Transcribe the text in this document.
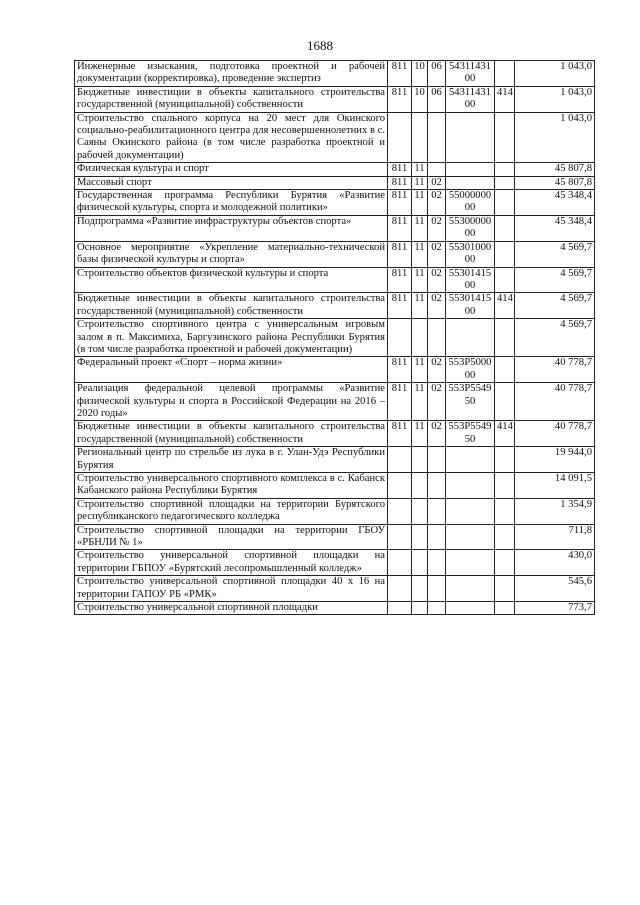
1688
Инженерные изыскания, подготовка проектной и рабочей документации (корректировка), проведение экспертиз	811	10	06	5431143100		1 043,0
Бюджетные инвестиции в объекты капитального строительства государственной (муниципальной) собственности	811	10	06	5431143100	414	1 043,0
Строительство спального корпуса на 20 мест для Окинского социально-реабилитационного центра для несовершеннолетних в с. Саяны Окинского района (в том числе разработка проектной и рабочей документации)						1 043,0
Физическая культура и спорт	811	11				45 807,8
Массовый спорт	811	11	02			45 807,8
Государственная программа Республики Бурятия «Развитие физической культуры, спорта и молодежной политики»	811	11	02	5500000000		45 348,4
Подпрограмма «Развитие инфраструктуры объектов спорта»	811	11	02	5530000000		45 348,4
Основное мероприятие «Укрепление материально-технической базы физической культуры и спорта»	811	11	02	5530100000		4 569,7
Строительство объектов физической культуры и спорта	811	11	02	5530141500		4 569,7
Бюджетные инвестиции в объекты капитального строительства государственной (муниципальной) собственности	811	11	02	5530141500	414	4 569,7
Строительство спортивного центра с универсальным игровым залом в п. Максимиха, Баргузинского района Республики Бурятия (в том числе разработка проектной и рабочей документации)						4 569,7
Федеральный проект «Спорт – норма жизни»	811	11	02	553P500000		40 778,7
Реализация федеральной целевой программы «Развитие физической культуры и спорта в Российской Федерации на 2016 – 2020 годы»	811	11	02	553P554950		40 778,7
Бюджетные инвестиции в объекты капитального строительства государственной (муниципальной) собственности	811	11	02	553P554950	414	40 778,7
Региональный центр по стрельбе из лука в г. Улан-Удэ Республики Бурятия						19 944,0
Строительство универсального спортивного комплекса в с. Кабанск Кабанского района Республики Бурятия						14 091,5
Строительство спортивной площадки на территории Бурятского республиканского педагогического колледжа						1 354,9
Строительство спортивной площадки на территории ГБОУ «РБНЛИ № 1»						711,8
Строительство универсальной спортивной площадки на территории ГБПОУ «Бурятский лесопромышленный колледж»						430,0
Строительство универсальной спортивной площадки 40 х 16 на территории ГАПОУ РБ «РМК»						545,6
Строительство универсальной спортивной площадки						773,7
